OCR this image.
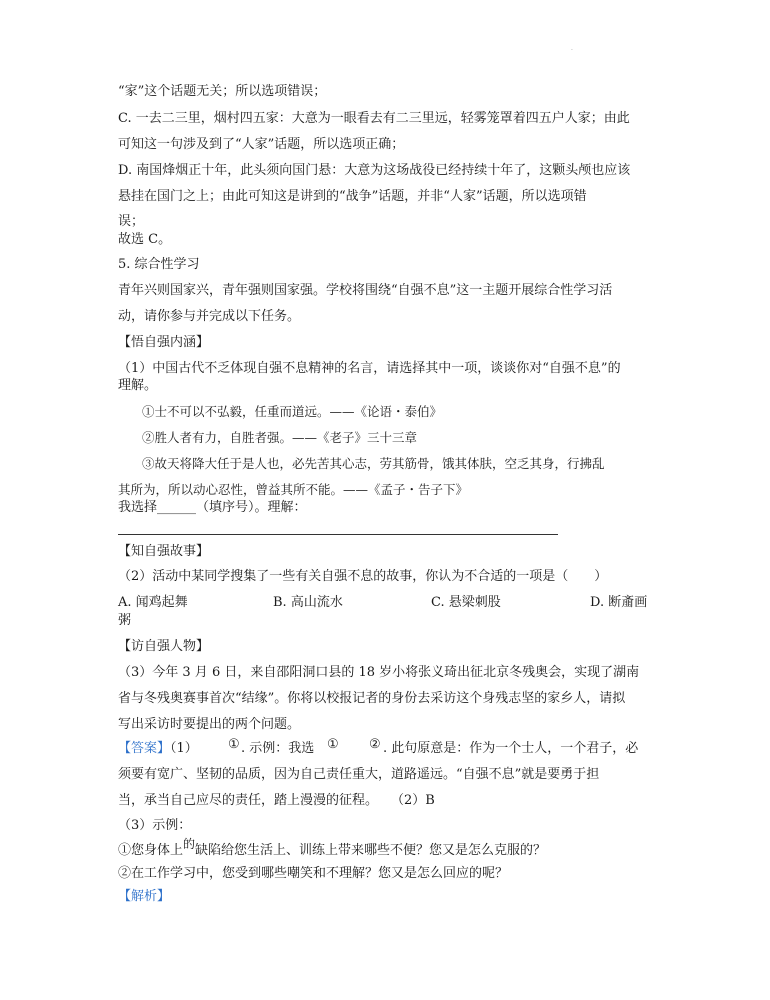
·
“家”这个话题无关；所以选项错误；
C. 一去二三里，烟村四五家：大意为一眼看去有二三里远，轻雾笼罩着四五户人家；由此
可知这一句涉及到了“人家”话题，所以选项正确；
D. 南国烽烟正十年，此头须向国门悬：大意为这场战役已经持续十年了，这颗头颅也应该
悬挂在国门之上；由此可知这是讲到的“战争”话题，并非“人家”话题，所以选项错
误；
故选 C。
5. 综合性学习
青年兴则国家兴，青年强则国家强。学校将围绕“自强不息”这一主题开展综合性学习活
动，请你参与并完成以下任务。
【悟自强内涵】
（1）中国古代不乏体现自强不息精神的名言，请选择其中一项，谈谈你对“自强不息”的
理解。
①士不可以不弘毅，任重而道远。——《论语・泰伯》
②胜人者有力，自胜者强。——《老子》三十三章
③故天将降大任于是人也，必先苦其心志，劳其筋骨，饿其体肤，空乏其身，行拂乱
其所为，所以动心忍性，曾益其所不能。——《孟子・告子下》
我选择______（填序号）。理解：
【知自强故事】
（2）活动中某同学搜集了一些有关自强不息的故事，你认为不合适的一项是（　　）
A. 闻鸡起舞	B. 高山流水	C. 悬梁刺股	D. 断齑画
粥
【访自强人物】
（3）今年 3 月 6 日，来自邵阳洞口县的 18 岁小将张义琦出征北京冬残奥会，实现了湖南
省与冬残奥赛事首次“结缘”。你将以校报记者的身份去采访这个身残志坚的家乡人，请拟
写出采访时要提出的两个问题。
【答案】（1）	① . 示例：我选 ① ② . 此句原意是：作为一个士人，一个君子，必
须要有宽广、坚韧的品质，因为自己责任重大，道路遥远。“自强不息”就是要勇于担
当，承当自己应尽的责任，踏上漫漫的征程。　　（2）B
（3）示例：
①您身体上的缺陷给您生活上、训练上带来哪些不便？您又是怎么克服的？
②在工作学习中，您受到哪些嘲笑和不理解？您又是怎么回应的呢？
【解析】
